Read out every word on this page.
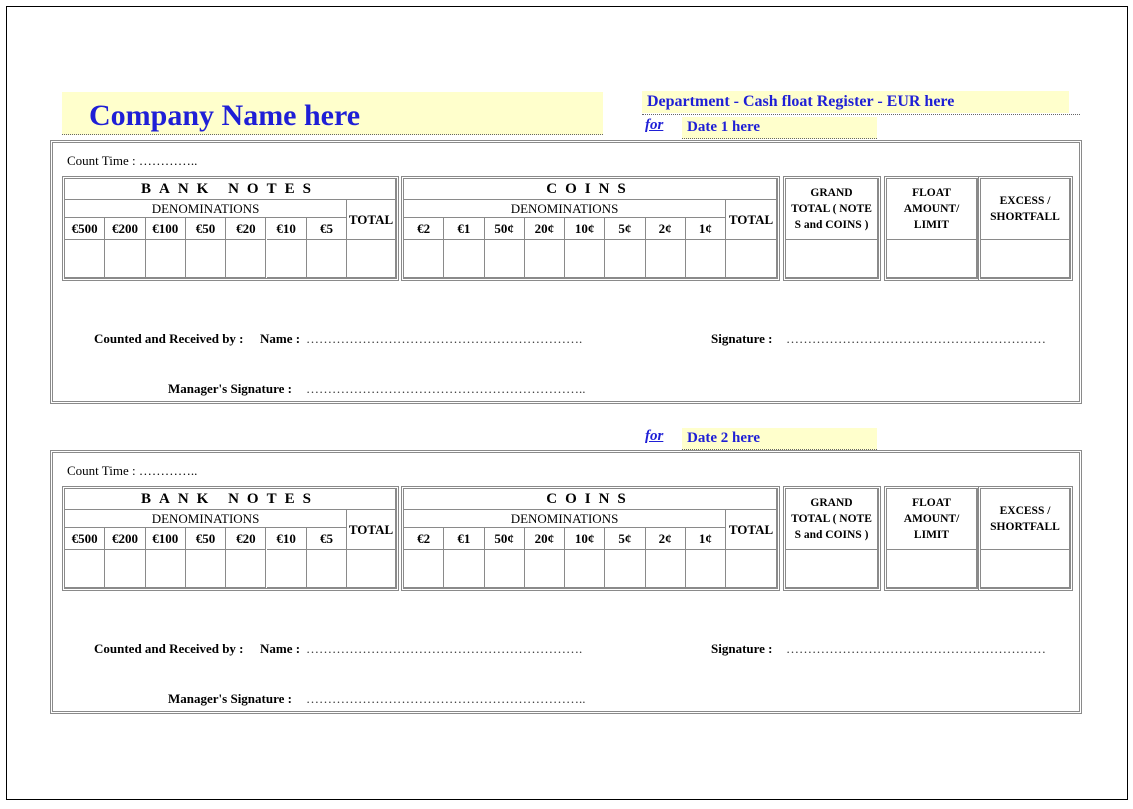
Company Name here	Department - Cash float Register - EUR here
for Date 1 here
Count Time : …………..
BANK NOTES
DENOMINATIONS
TOTAL
€500	€200	€100	€50	€20	€10	€5
COINS
DENOMINATIONS
TOTAL
€2	€1	50¢	20¢	10¢	5¢	2¢	1¢
GRAND TOTAL ( NOTE S and COINS )
FLOAT AMOUNT/ LIMIT
EXCESS / SHORTFALL
Counted and Received by : Name : ……………………………………………………….	Signature : ……………………………………………………
Manager's Signature : ………………………………………………………..
for Date 2 here
Count Time : …………..
BANK NOTES
DENOMINATIONS
TOTAL
€500	€200	€100	€50	€20	€10	€5
COINS
DENOMINATIONS
TOTAL
€2	€1	50¢	20¢	10¢	5¢	2¢	1¢
GRAND TOTAL ( NOTE S and COINS )
FLOAT AMOUNT/ LIMIT
EXCESS / SHORTFALL
Counted and Received by : Name : ……………………………………………………….	Signature : ……………………………………………………
Manager's Signature : ………………………………………………………..
